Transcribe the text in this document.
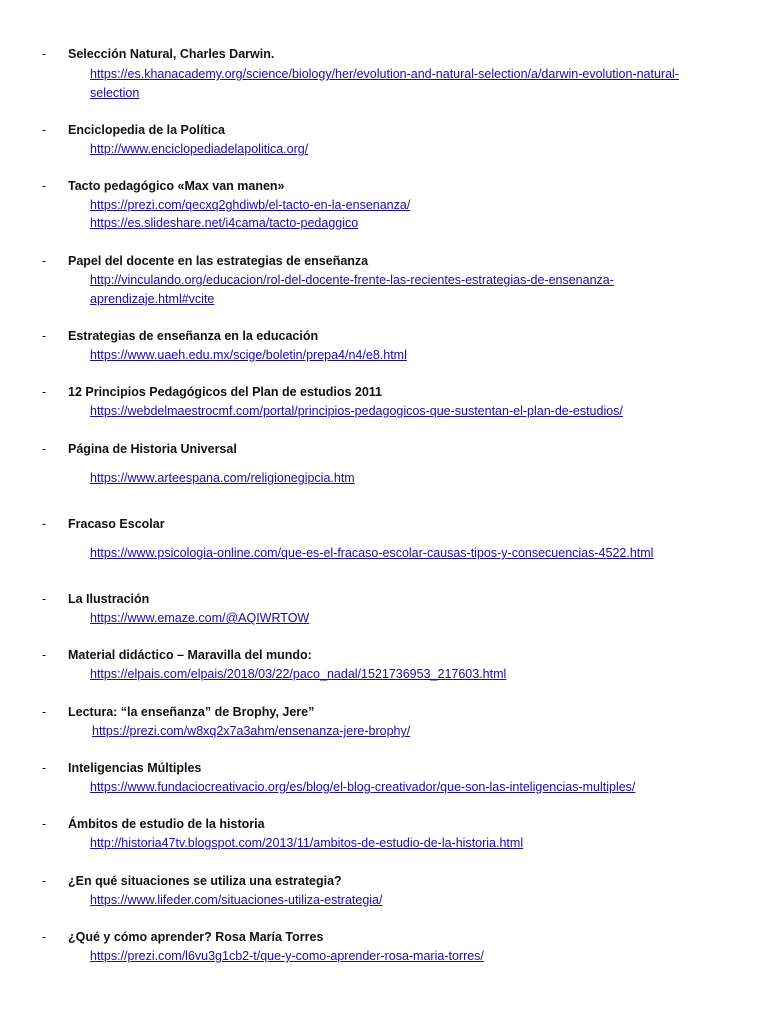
- Selección Natural, Charles Darwin.
https://es.khanacademy.org/science/biology/her/evolution-and-natural-selection/a/darwin-evolution-natural-
selection
- Enciclopedia de la Política
http://www.enciclopediadelapolitica.org/
- Tacto pedagógico «Max van manen»
https://prezi.com/qecxq2ghdiwb/el-tacto-en-la-ensenanza/
https://es.slideshare.net/i4cama/tacto-pedaggico
- Papel del docente en las estrategias de enseñanza
http://vinculando.org/educacion/rol-del-docente-frente-las-recientes-estrategias-de-ensenanza-
aprendizaje.html#vcite
- Estrategias de enseñanza en la educación
https://www.uaeh.edu.mx/scige/boletin/prepa4/n4/e8.html
- 12 Principios Pedagógicos del Plan de estudios 2011
https://webdelmaestrocmf.com/portal/principios-pedagogicos-que-sustentan-el-plan-de-estudios/
- Página de Historia Universal
https://www.arteespana.com/religionegipcia.htm
- Fracaso Escolar
https://www.psicologia-online.com/que-es-el-fracaso-escolar-causas-tipos-y-consecuencias-4522.html
- La Ilustración
https://www.emaze.com/@AQIWRTOW
- Material didáctico – Maravilla del mundo:
https://elpais.com/elpais/2018/03/22/paco_nadal/1521736953_217603.html
- Lectura: “la enseñanza” de Brophy, Jere”
https://prezi.com/w8xq2x7a3ahm/ensenanza-jere-brophy/
- Inteligencias Múltiples
https://www.fundaciocreativacio.org/es/blog/el-blog-creativador/que-son-las-inteligencias-multiples/
- Ámbitos de estudio de la historia
http://historia47tv.blogspot.com/2013/11/ambitos-de-estudio-de-la-historia.html
- ¿En qué situaciones se utiliza una estrategia?
https://www.lifeder.com/situaciones-utiliza-estrategia/
- ¿Qué y cómo aprender? Rosa María Torres
https://prezi.com/l6vu3g1cb2-t/que-y-como-aprender-rosa-maria-torres/
